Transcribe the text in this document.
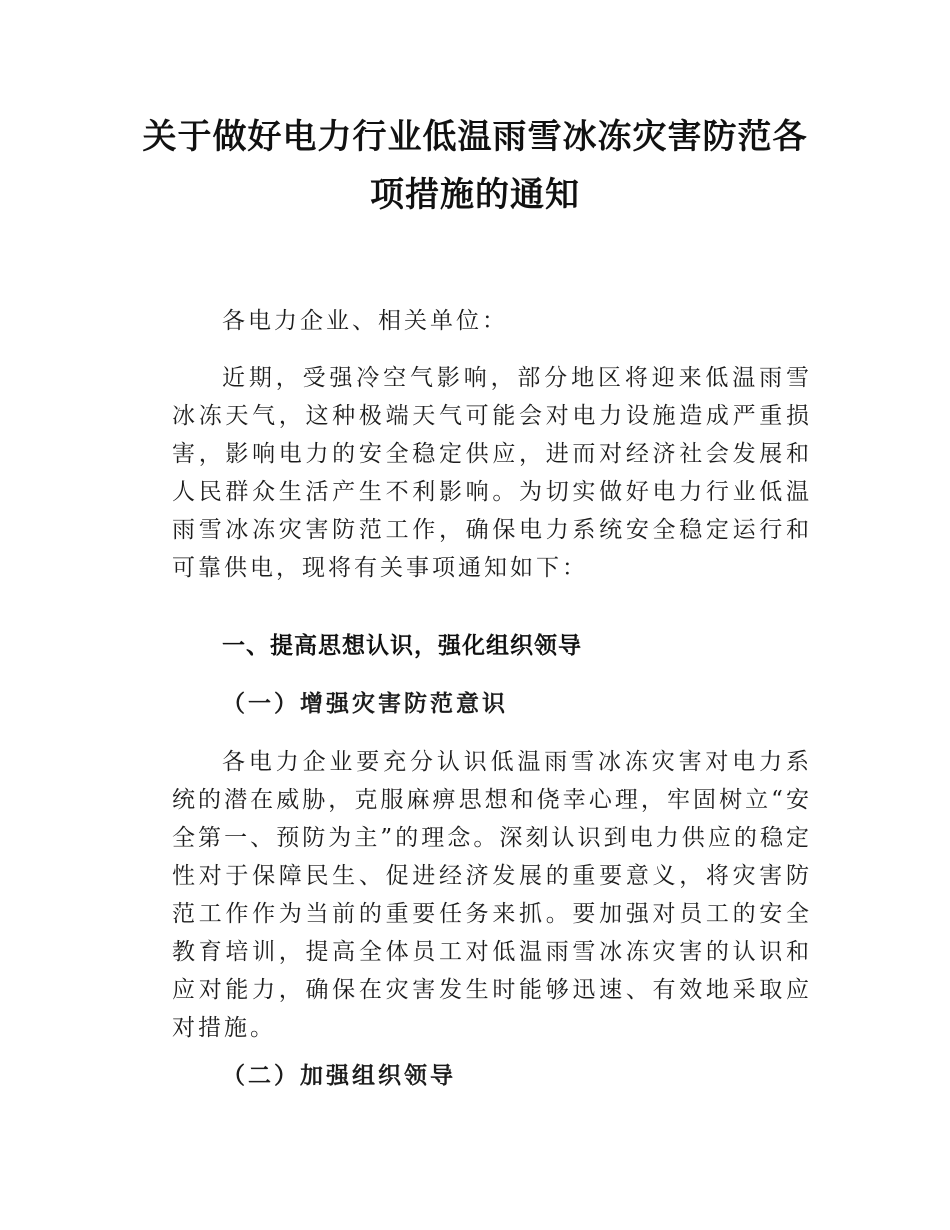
关于做好电力行业低温雨雪冰冻灾害防范各项措施的通知

各电力企业、相关单位：

近期，受强冷空气影响，部分地区将迎来低温雨雪冰冻天气，这种极端天气可能会对电力设施造成严重损害，影响电力的安全稳定供应，进而对经济社会发展和人民群众生活产生不利影响。为切实做好电力行业低温雨雪冰冻灾害防范工作，确保电力系统安全稳定运行和可靠供电，现将有关事项通知如下：

一、提高思想认识，强化组织领导
（一）增强灾害防范意识

各电力企业要充分认识低温雨雪冰冻灾害对电力系统的潜在威胁，克服麻痹思想和侥幸心理，牢固树立“安全第一、预防为主”的理念。深刻认识到电力供应的稳定性对于保障民生、促进经济发展的重要意义，将灾害防范工作作为当前的重要任务来抓。要加强对员工的安全教育培训，提高全体员工对低温雨雪冰冻灾害的认识和应对能力，确保在灾害发生时能够迅速、有效地采取应对措施。

（二）加强组织领导
